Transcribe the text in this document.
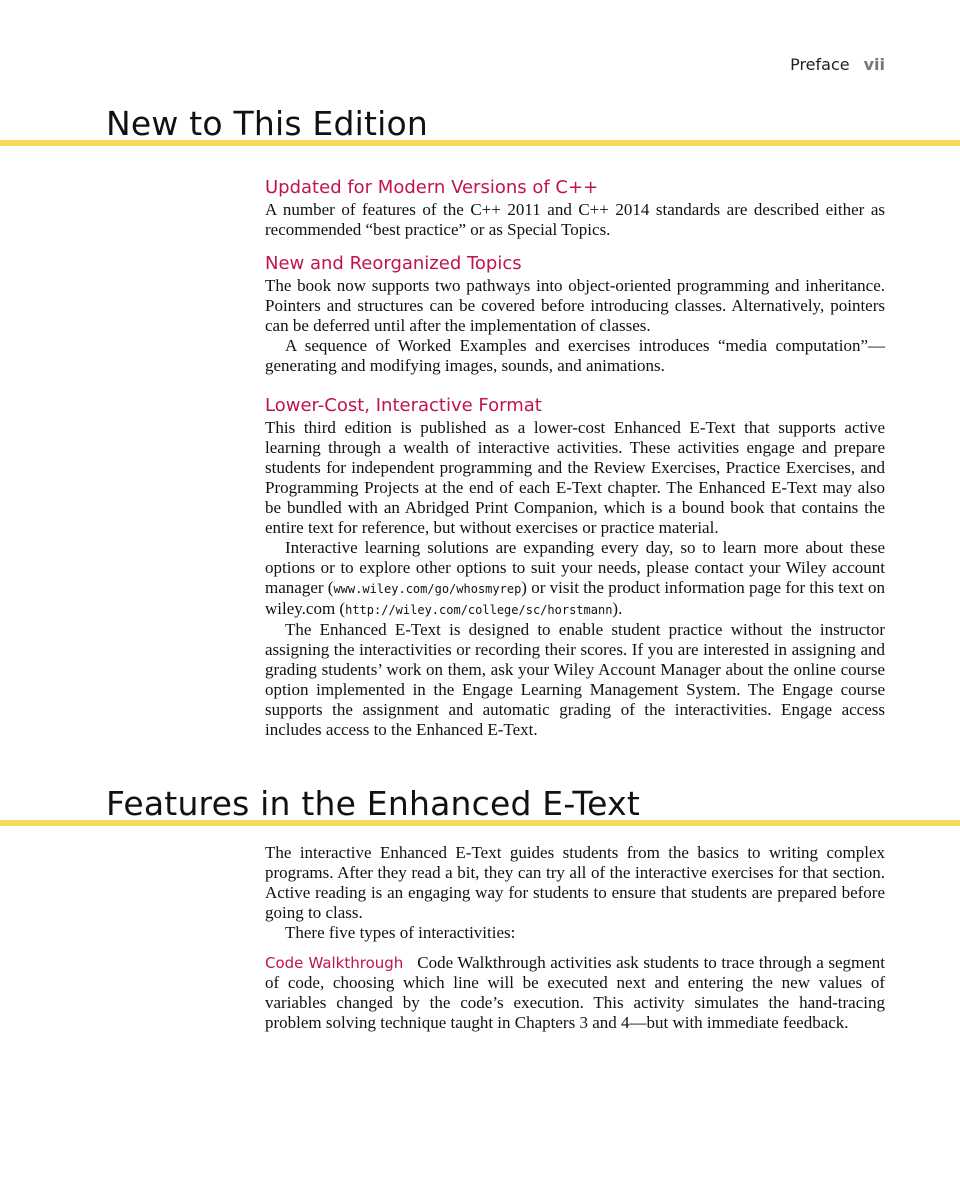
Preface vii
New to This Edition
Updated for Modern Versions of C++

A number of features of the C++ 2011 and C++ 2014 standards are described either as recommended “best practice” or as Special Topics.

New and Reorganized Topics

The book now supports two pathways into object-oriented programming and inheritance. Pointers and structures can be covered before introducing classes. Alternatively, pointers can be deferred until after the implementation of classes.

A sequence of Worked Examples and exercises introduces “media computation”—generating and modifying images, sounds, and animations.

Lower-Cost, Interactive Format

This third edition is published as a lower-cost Enhanced E-Text that supports active learning through a wealth of interactive activities. These activities engage and prepare students for independent programming and the Review Exercises, Practice Exercises, and Programming Projects at the end of each E-Text chapter. The Enhanced E-Text may also be bundled with an Abridged Print Companion, which is a bound book that contains the entire text for reference, but without exercises or practice material.

Interactive learning solutions are expanding every day, so to learn more about these options or to explore other options to suit your needs, please contact your Wiley account manager (www.wiley.com/go/whosmyrep) or visit the product information page for this text on wiley.com (http://wiley.com/college/sc/horstmann).

The Enhanced E-Text is designed to enable student practice without the instructor assigning the interactivities or recording their scores. If you are interested in assigning and grading students’ work on them, ask your Wiley Account Manager about the online course option implemented in the Engage Learning Management System. The Engage course supports the assignment and automatic grading of the interactivities. Engage access includes access to the Enhanced E-Text.

Features in the Enhanced E-Text

The interactive Enhanced E-Text guides students from the basics to writing complex programs. After they read a bit, they can try all of the interactive exercises for that section. Active reading is an engaging way for students to ensure that students are prepared before going to class.

There five types of interactivities:

Code Walkthrough Code Walkthrough activities ask students to trace through a segment of code, choosing which line will be executed next and entering the new values of variables changed by the code’s execution. This activity simulates the hand-tracing problem solving technique taught in Chapters 3 and 4—but with immediate feedback.
